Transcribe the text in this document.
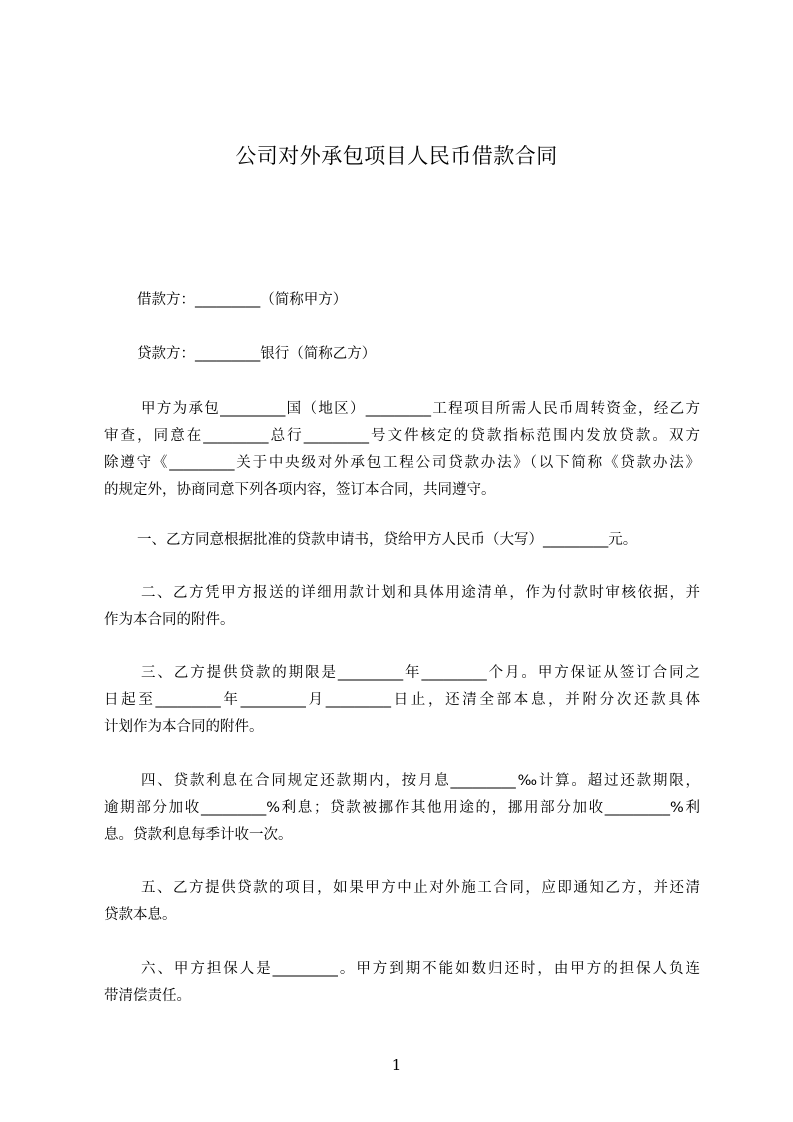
公司对外承包项目人民币借款合同
借款方：_________（简称甲方）
贷款方：_________银行（简称乙方）
甲方为承包_________国（地区）_________工程项目所需人民币周转资金，经乙方
审查，同意在_________总行_________号文件核定的贷款指标范围内发放贷款。双方
除遵守《_________关于中央级对外承包工程公司贷款办法》（以下简称《贷款办法》
的规定外，协商同意下列各项内容，签订本合同，共同遵守。
一、乙方同意根据批准的贷款申请书，贷给甲方人民币（大写）_________元。
二、乙方凭甲方报送的详细用款计划和具体用途清单，作为付款时审核依据，并
作为本合同的附件。
三、乙方提供贷款的期限是_________年_________个月。甲方保证从签订合同之
日起至_________年_________月_________日止，还清全部本息，并附分次还款具体
计划作为本合同的附件。
四、贷款利息在合同规定还款期内，按月息_________‰计算。超过还款期限，
逾期部分加收_________%利息；贷款被挪作其他用途的，挪用部分加收_________%利
息。贷款利息每季计收一次。
五、乙方提供贷款的项目，如果甲方中止对外施工合同，应即通知乙方，并还清
贷款本息。
六、甲方担保人是_________。甲方到期不能如数归还时，由甲方的担保人负连
带清偿责任。
1
